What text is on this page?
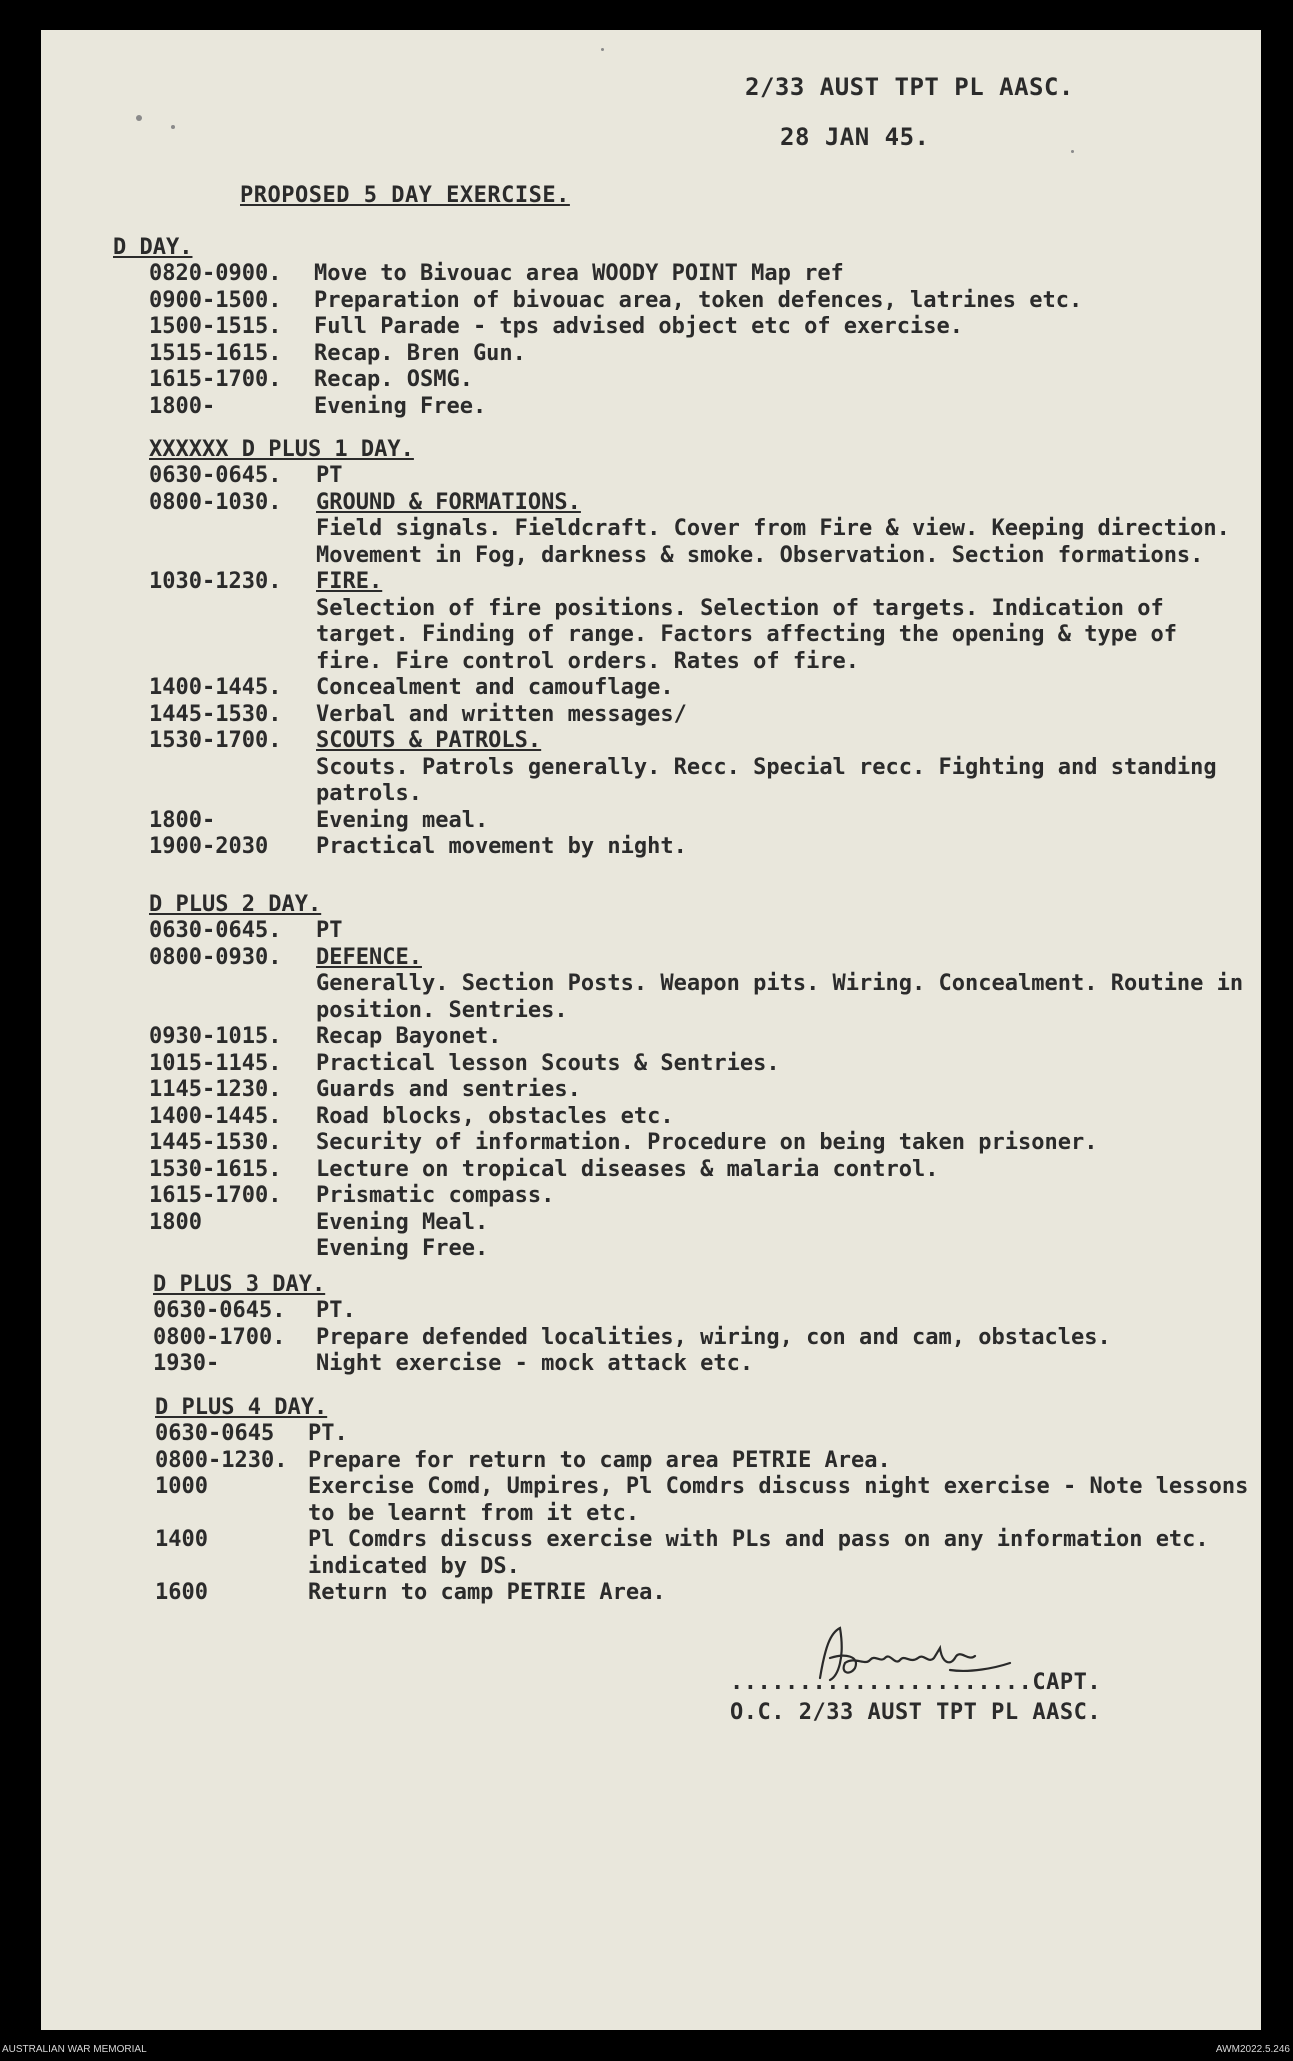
2/33 AUST TPT PL AASC.
28 JAN 45.
PROPOSED 5 DAY EXERCISE.
D DAY.
0820-0900.	Move to Bivouac area WOODY POINT Map ref
0900-1500.	Preparation of bivouac area, token defences, latrines etc.
1500-1515.	Full Parade - tps advised object etc of exercise.
1515-1615.	Recap. Bren Gun.
1615-1700.	Recap. OSMG.
1800-	Evening Free.
XXXXXX D PLUS 1 DAY.
0630-0645.	PT
0800-1030.	GROUND & FORMATIONS.
Field signals. Fieldcraft. Cover from Fire & view. Keeping direction. Movement in Fog, darkness & smoke. Observation. Section formations.
1030-1230.	FIRE.
Selection of fire positions. Selection of targets. Indication of target. Finding of range. Factors affecting the opening & type of fire. Fire control orders. Rates of fire.
1400-1445.	Concealment and camouflage.
1445-1530.	Verbal and written messages/
1530-1700.	SCOUTS & PATROLS.
Scouts. Patrols generally. Recc. Special recc. Fighting and standing patrols.
1800-	Evening meal.
1900-2030	Practical movement by night.
D PLUS 2 DAY.
0630-0645.	PT
0800-0930.	DEFENCE.
Generally. Section Posts. Weapon pits. Wiring. Concealment. Routine in position. Sentries.
0930-1015.	Recap Bayonet.
1015-1145.	Practical lesson Scouts & Sentries.
1145-1230.	Guards and sentries.
1400-1445.	Road blocks, obstacles etc.
1445-1530.	Security of information. Procedure on being taken prisoner.
1530-1615.	Lecture on tropical diseases & malaria control.
1615-1700.	Prismatic compass.
1800	Evening Meal.
Evening Free.
D PLUS 3 DAY.
0630-0645.	PT.
0800-1700.	Prepare defended localities, wiring, con and cam, obstacles.
1930-	Night exercise - mock attack etc.
D PLUS 4 DAY.
0630-0645	PT.
0800-1230. Prepare for return to camp area PETRIE Area.
1000	Exercise Comd, Umpires, Pl Comdrs discuss night exercise - Note lessons to be learnt from it etc.
1400	Pl Comdrs discuss exercise with PLs and pass on any information etc. indicated by DS.
1600	Return to camp PETRIE Area.
......................CAPT.
O.C. 2/33 AUST TPT PL AASC.
AUSTRALIAN WAR MEMORIAL	AWM2022.5.246
